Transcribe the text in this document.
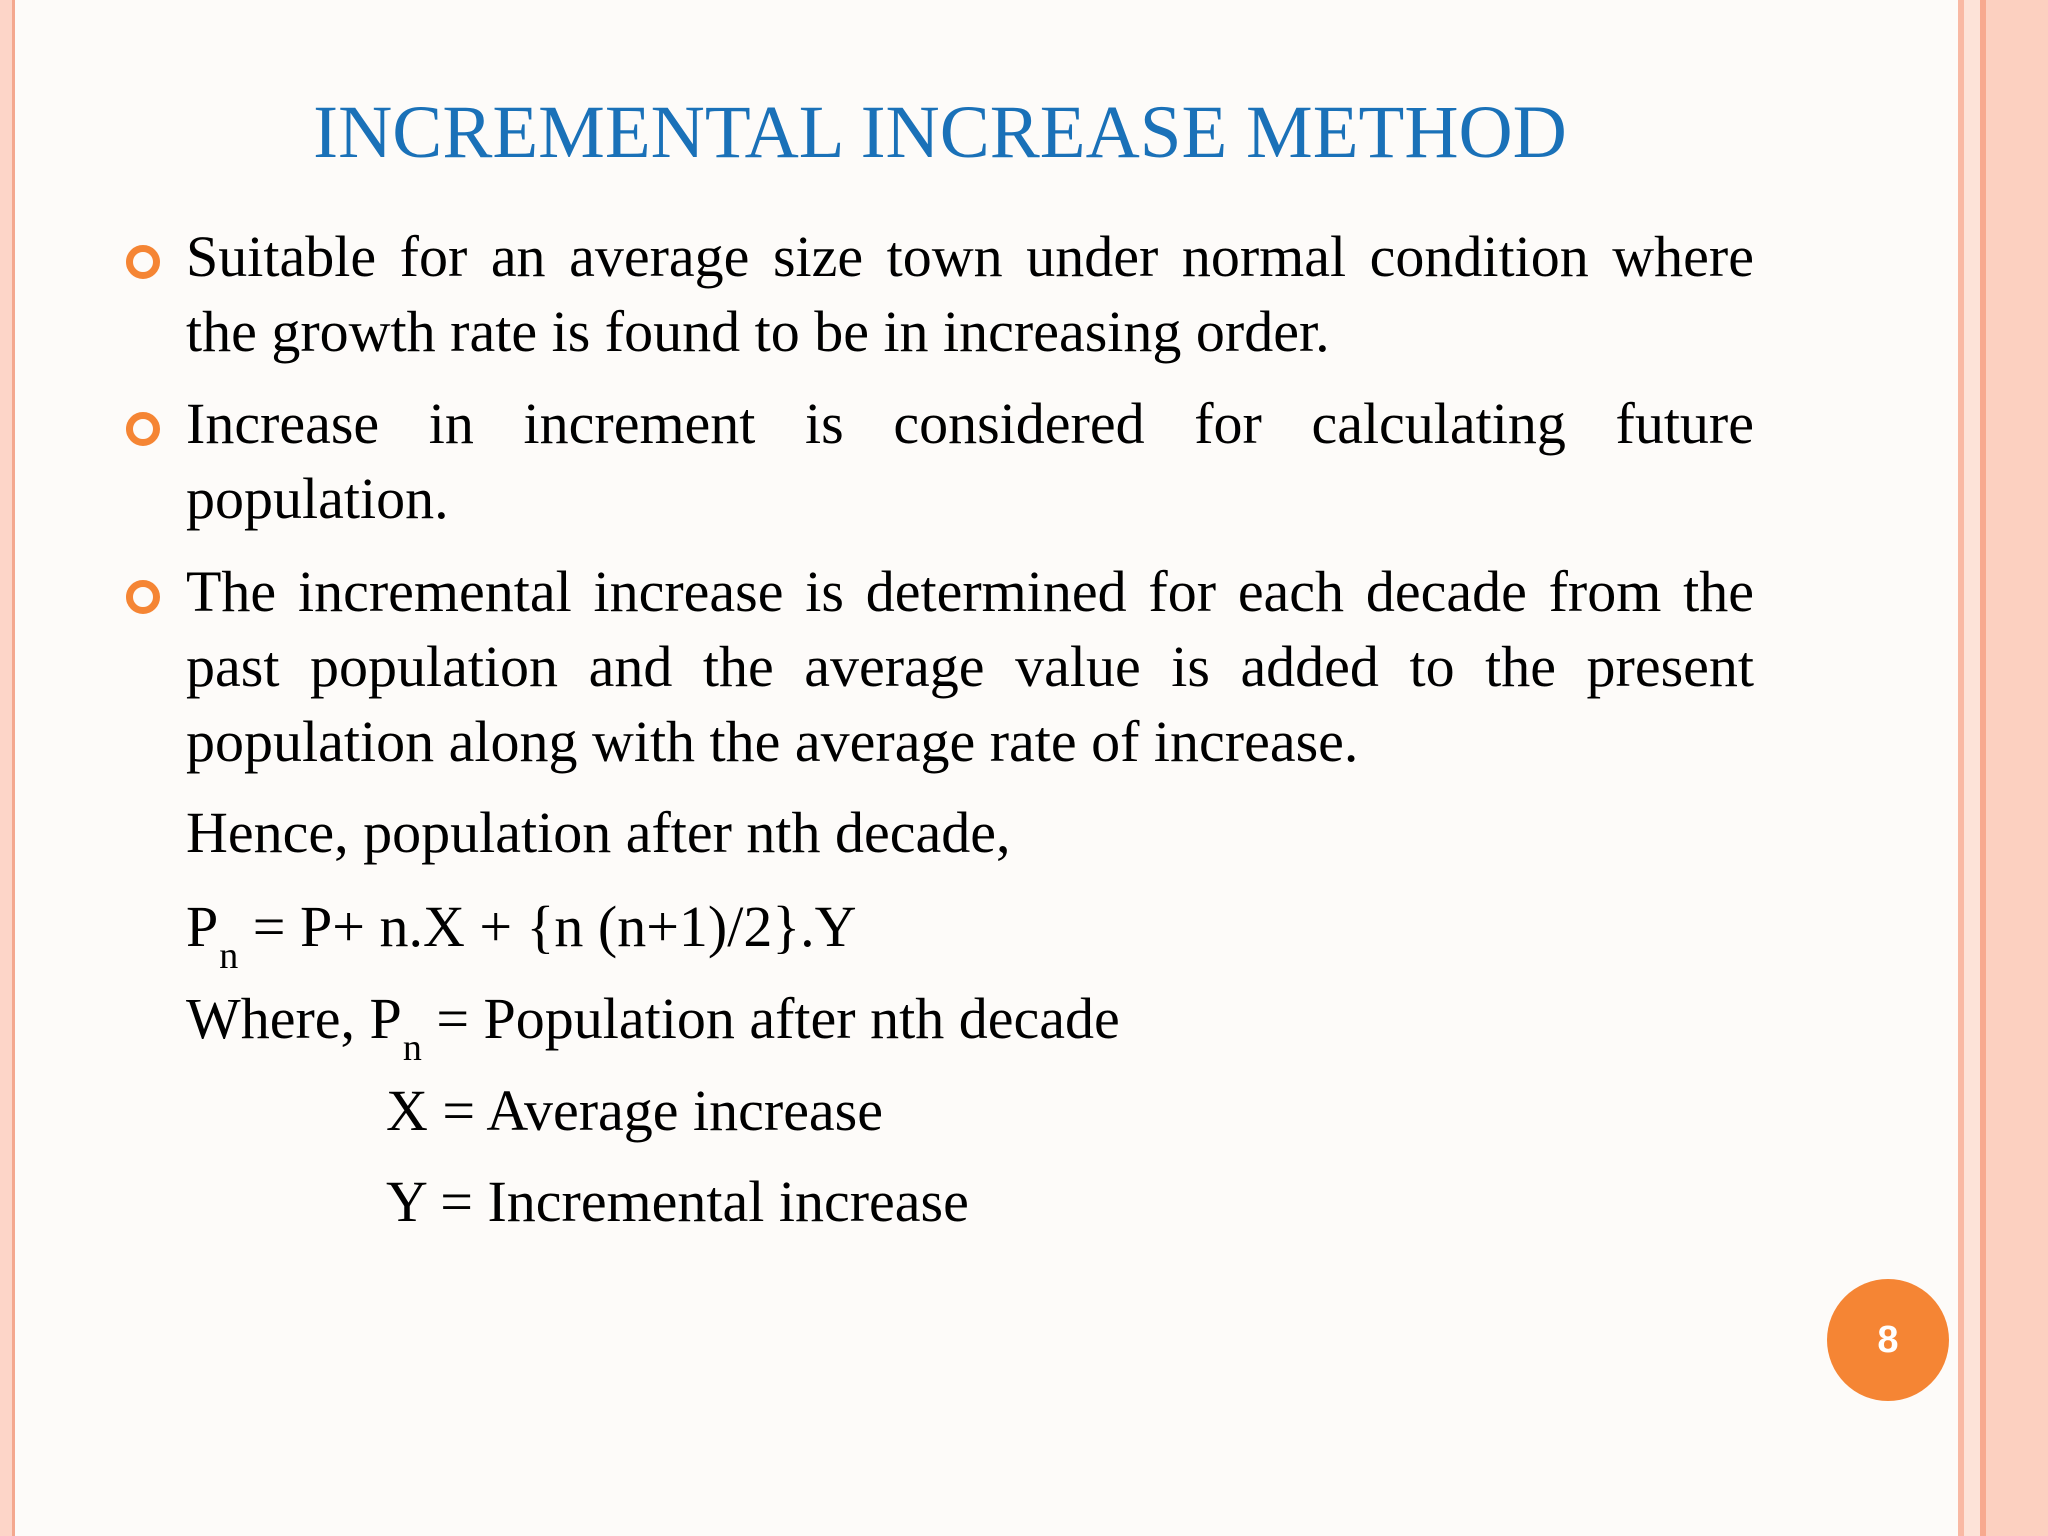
INCREMENTAL INCREASE METHOD
Suitable for an average size town under normal condition where the growth rate is found to be in increasing order.
Increase in increment is considered for calculating future population.
The incremental increase is determined for each decade from the past population and the average value is added to the present population along with the average rate of increase.
Hence, population after nth decade,
$P_n = P+ n.X + \{n$ (n+1)/2}.Y
Where, $P_n$ = Population after nth decade
X = Average increase
Y = Incremental increase
8
